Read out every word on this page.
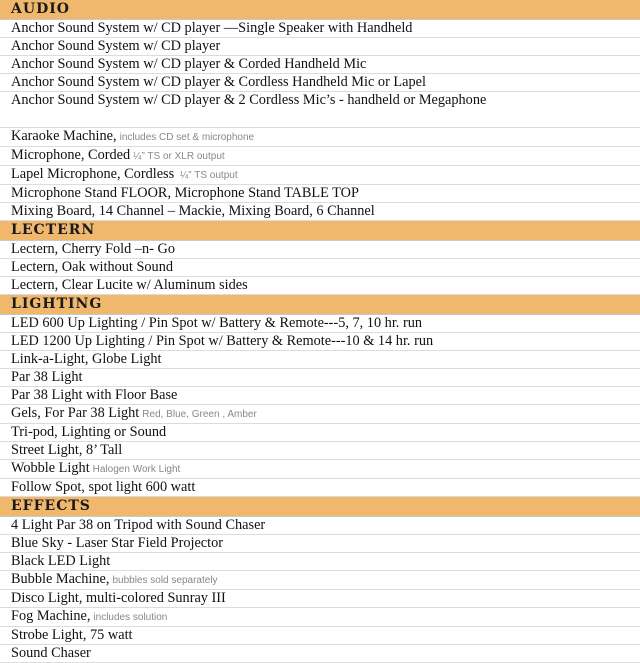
AUDIO
Anchor Sound System w/ CD player —Single Speaker with Handheld
Anchor Sound System w/ CD player
Anchor Sound System w/ CD player & Corded Handheld Mic
Anchor Sound System w/ CD player & Cordless Handheld Mic or Lapel
Anchor Sound System w/ CD player & 2 Cordless Mic’s - handheld or Megaphone
Karaoke Machine, includes CD set & microphone
Microphone, Corded ¼” TS or XLR output
Lapel Microphone, Cordless ¼” TS output
Microphone Stand FLOOR, Microphone Stand TABLE TOP
Mixing Board, 14 Channel – Mackie, Mixing Board, 6 Channel
LECTERN
Lectern, Cherry Fold –n- Go
Lectern, Oak without Sound
Lectern, Clear Lucite w/ Aluminum sides
LIGHTING
LED 600 Up Lighting / Pin Spot w/ Battery & Remote---5, 7, 10 hr. run
LED 1200 Up Lighting / Pin Spot w/ Battery & Remote---10 & 14 hr. run
Link-a-Light, Globe Light
Par 38 Light
Par 38 Light with Floor Base
Gels, For Par 38 Light Red, Blue, Green , Amber
Tri-pod, Lighting or Sound
Street Light, 8’ Tall
Wobble Light Halogen Work Light
Follow Spot, spot light 600 watt
EFFECTS
4 Light Par 38 on Tripod with Sound Chaser
Blue Sky - Laser Star Field Projector
Black LED Light
Bubble Machine, bubbles sold separately
Disco Light, multi-colored Sunray III
Fog Machine, includes solution
Strobe Light, 75 watt
Sound Chaser
